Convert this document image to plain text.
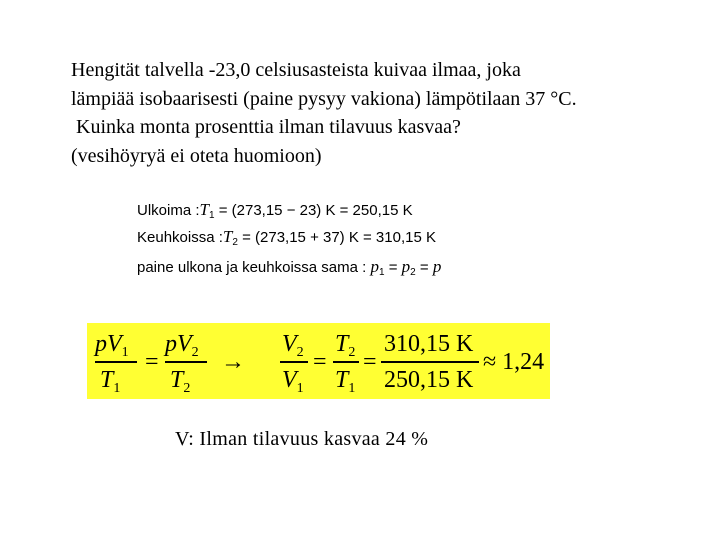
Hengität talvella -23,0 celsiusasteista kuivaa ilmaa, joka
lämpiää isobaarisesti (paine pysyy vakiona) lämpötilaan 37 °C.
Kuinka monta prosenttia ilman tilavuus kasvaa?
(vesihöyryä ei oteta huomioon)
Ulkoima $:T_1 = (273,15 - 23) K = 250,15$ K
Keuhkoissa $:T_2 = (273,15 + 37) K = 310,15$ K
paine ulkona ja keuhkoissa sama : $p_1 = p_2 = p$
$pV_1$
$T_1$
=
$pV_2$
$T_2$
→
$V_2$
$V_1$
=
$T_2$
$T_1$
=
310,15 K
250,15 K
≈ 1,24
V: Ilman tilavuus kasvaa 24 %
